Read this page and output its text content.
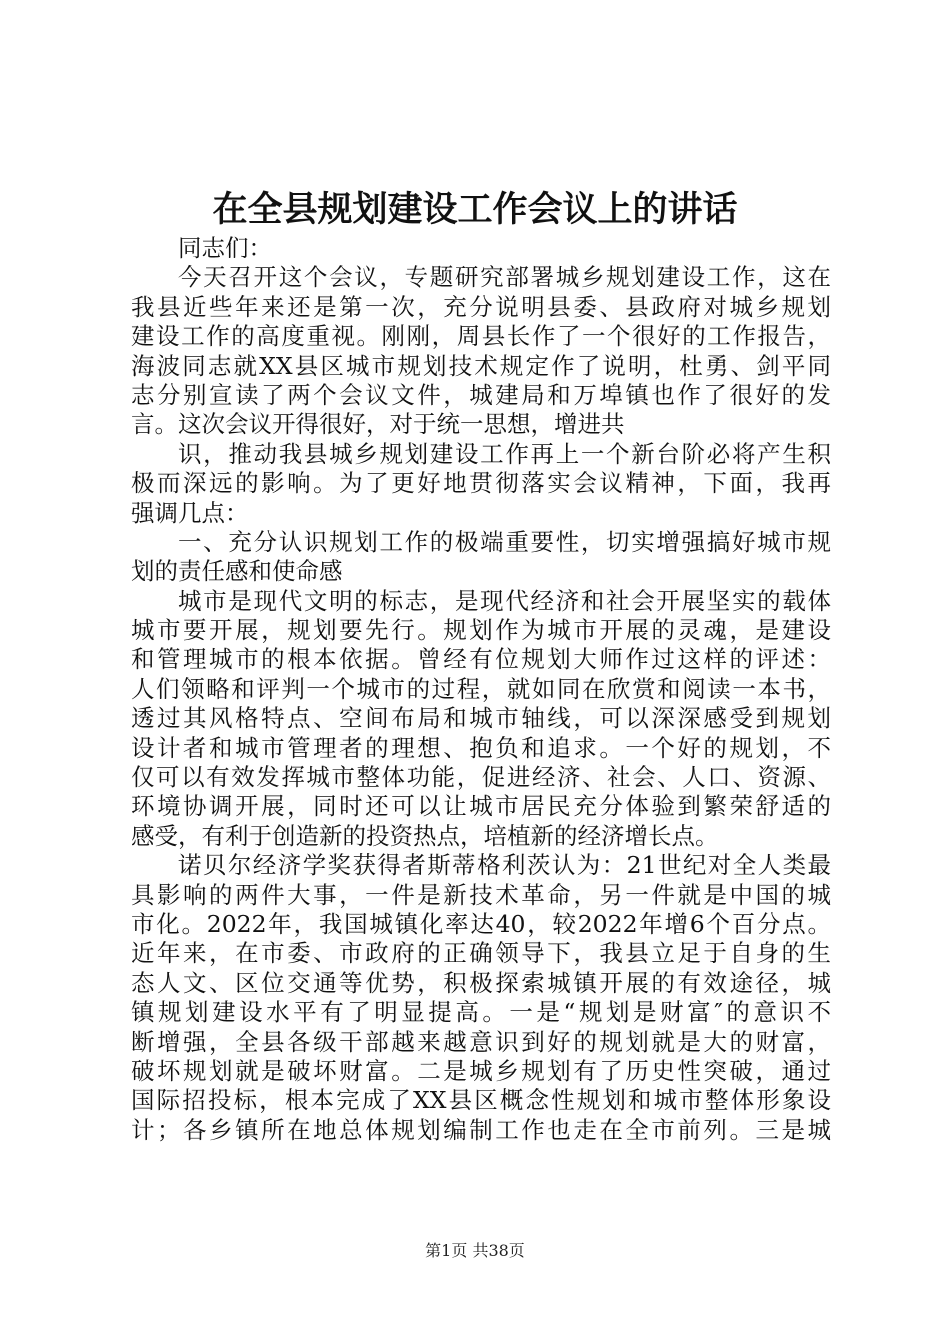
在全县规划建设工作会议上的讲话
同志们：
今天召开这个会议，专题研究部署城乡规划建设工作，这在
我县近些年来还是第一次，充分说明县委、县政府对城乡规划
建设工作的高度重视。刚刚，周县长作了一个很好的工作报告，
海波同志就XX县区城市规划技术规定作了说明，杜勇、剑平同
志分别宣读了两个会议文件，城建局和万埠镇也作了很好的发
言。这次会议开得很好，对于统一思想，增进共
识，推动我县城乡规划建设工作再上一个新台阶必将产生积
极而深远的影响。为了更好地贯彻落实会议精神，下面，我再
强调几点：
一、充分认识规划工作的极端重要性，切实增强搞好城市规
划的责任感和使命感
城市是现代文明的标志，是现代经济和社会开展坚实的载体
城市要开展，规划要先行。规划作为城市开展的灵魂，是建设
和管理城市的根本依据。曾经有位规划大师作过这样的评述：
人们领略和评判一个城市的过程，就如同在欣赏和阅读一本书，
透过其风格特点、空间布局和城市轴线，可以深深感受到规划
设计者和城市管理者的理想、抱负和追求。一个好的规划，不
仅可以有效发挥城市整体功能，促进经济、社会、人口、资源、
环境协调开展，同时还可以让城市居民充分体验到繁荣舒适的
感受，有利于创造新的投资热点，培植新的经济增长点。
诺贝尔经济学奖获得者斯蒂格利茨认为：21世纪对全人类最
具影响的两件大事，一件是新技术革命，另一件就是中国的城
市化。2022年，我国城镇化率达40，较2022年增6个百分点。
近年来，在市委、市政府的正确领导下，我县立足于自身的生
态人文、区位交通等优势，积极探索城镇开展的有效途径，城
镇规划建设水平有了明显提高。一是“规划是财富″的意识不
断增强，全县各级干部越来越意识到好的规划就是大的财富，
破坏规划就是破坏财富。二是城乡规划有了历史性突破，通过
国际招投标，根本完成了XX县区概念性规划和城市整体形象设
计；各乡镇所在地总体规划编制工作也走在全市前列。三是城
第1页 共38页
